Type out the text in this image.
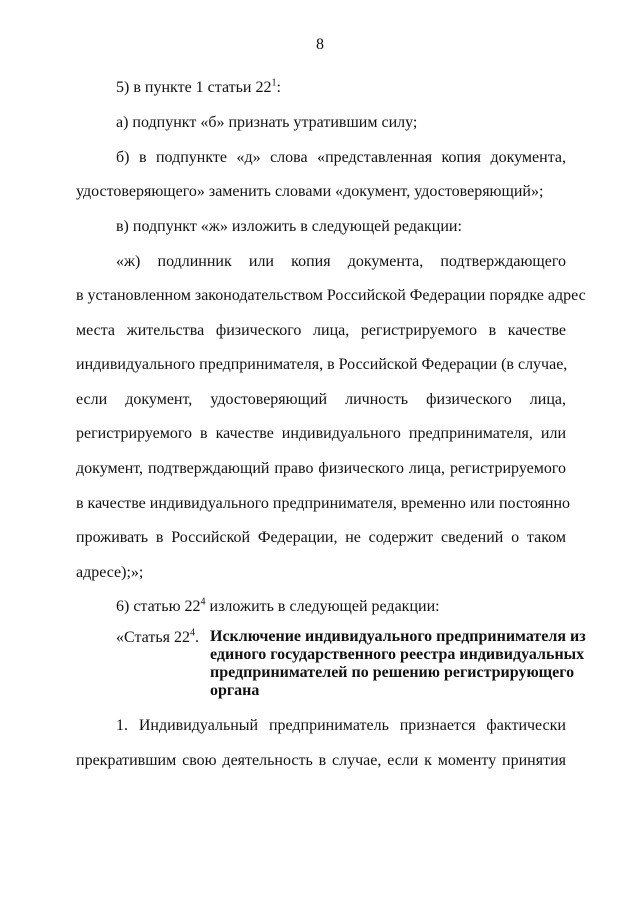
8
5) в пункте 1 статьи $22^1$:
а) подпункт «б» признать утратившим силу;
б) в подпункте «д» слова «представленная копия документа,
удостоверяющего» заменить словами «документ, удостоверяющий»;
в) подпункт «ж» изложить в следующей редакции:
«ж) подлинник или копия документа, подтверждающего
в установленном законодательством Российской Федерации порядке адрес
места жительства физического лица, регистрируемого в качестве
индивидуального предпринимателя, в Российской Федерации (в случае,
если документ, удостоверяющий личность физического лица,
регистрируемого в качестве индивидуального предпринимателя, или
документ, подтверждающий право физического лица, регистрируемого
в качестве индивидуального предпринимателя, временно или постоянно
проживать в Российской Федерации, не содержит сведений о таком
адресе);»;
6) статью $22^4$ изложить в следующей редакции:
«Статья $22^4$. Исключение индивидуального предпринимателя из
единого государственного реестра индивидуальных
предпринимателей по решению регистрирующего
органа
1. Индивидуальный предприниматель признается фактически
прекратившим свою деятельность в случае, если к моменту принятия
